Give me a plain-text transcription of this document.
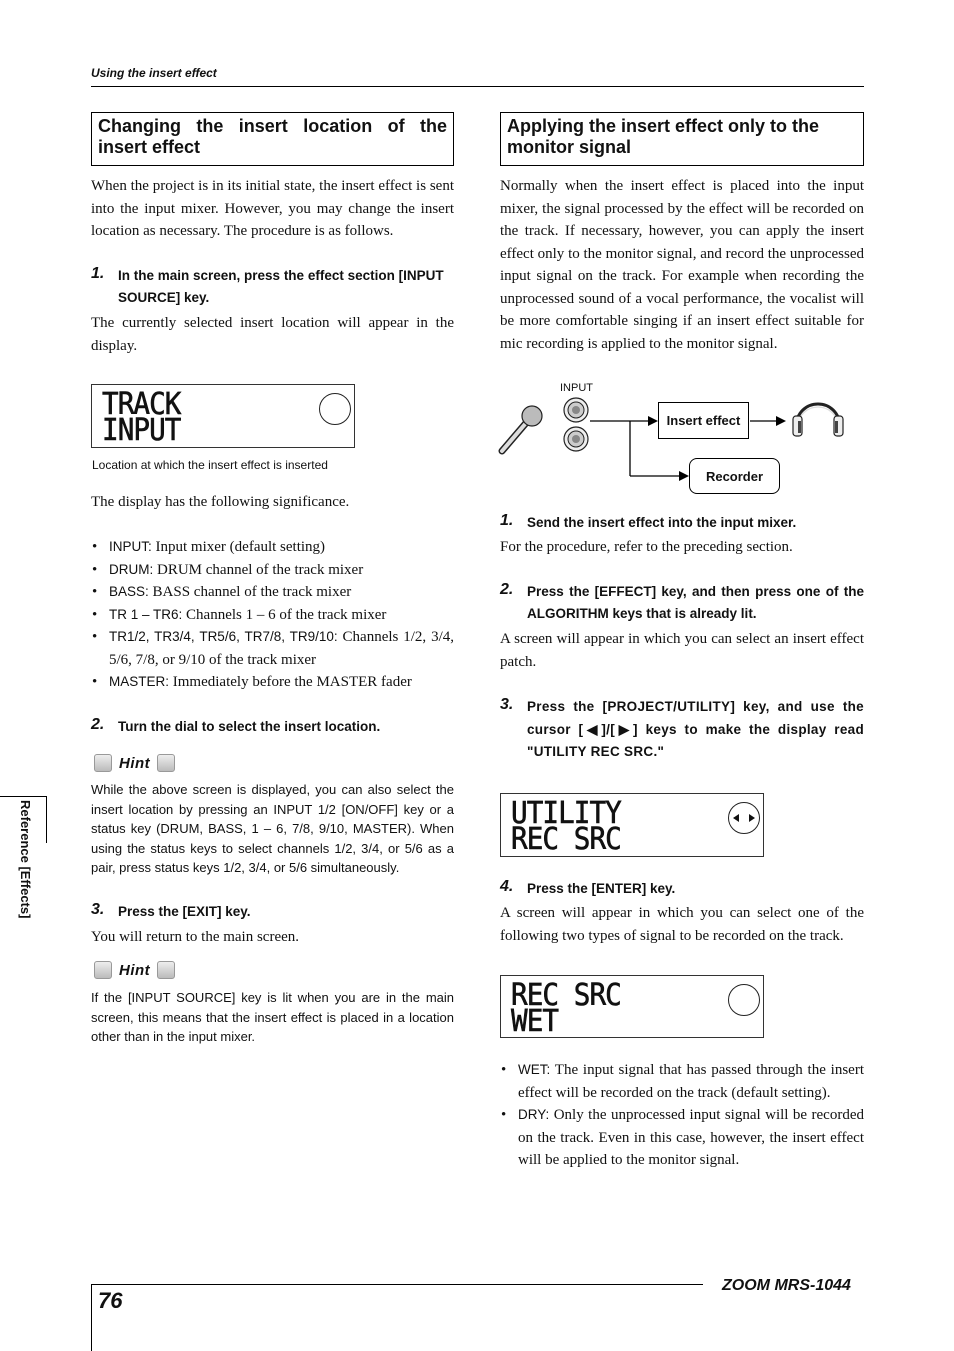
Using the insert effect
Changing the insert location of the insert effect
When the project is in its initial state, the insert effect is sent into the input mixer. However, you may change the insert location as necessary. The procedure is as follows.
1. In the main screen, press the effect section [INPUT SOURCE] key.
The currently selected insert location will appear in the display.
TRACK
INPUT
Location at which the insert effect is inserted
The display has the following significance.
• INPUT: Input mixer (default setting)
• DRUM: DRUM channel of the track mixer
• BASS: BASS channel of the track mixer
• TR 1 – TR6: Channels 1 – 6 of the track mixer
• TR1/2, TR3/4, TR5/6, TR7/8, TR9/10: Channels 1/2, 3/4, 5/6, 7/8, or 9/10 of the track mixer
• MASTER: Immediately before the MASTER fader
2. Turn the dial to select the insert location.
Hint
While the above screen is displayed, you can also select the insert location by pressing an INPUT 1/2 [ON/OFF] key or a status key (DRUM, BASS, 1 – 6, 7/8, 9/10, MASTER). When using the status keys to select channels 1/2, 3/4, or 5/6 as a pair, press status keys 1/2, 3/4, or 5/6 simultaneously.
3. Press the [EXIT] key.
You will return to the main screen.
Hint
If the [INPUT SOURCE] key is lit when you are in the main screen, this means that the insert effect is placed in a location other than in the input mixer.
Applying the insert effect only to the monitor signal
Normally when the insert effect is placed into the input mixer, the signal processed by the effect will be recorded on the track. If necessary, however, you can apply the insert effect only to the monitor signal, and record the unprocessed input signal on the track. For example when recording the unprocessed sound of a vocal performance, the vocalist will be more comfortable singing if an insert effect suitable for mic recording is applied to the monitor signal.
INPUT
Insert effect
Recorder
1. Send the insert effect into the input mixer.
For the procedure, refer to the preceding section.
2. Press the [EFFECT] key, and then press one of the ALGORITHM keys that is already lit.
A screen will appear in which you can select an insert effect patch.
3. Press the [PROJECT/UTILITY] key, and use the cursor [◀]/[▶] keys to make the display read "UTILITY REC SRC."
UTILITY
REC SRC
4. Press the [ENTER] key.
A screen will appear in which you can select one of the following two types of signal to be recorded on the track.
REC SRC
WET
• WET: The input signal that has passed through the insert effect will be recorded on the track (default setting).
• DRY: Only the unprocessed input signal will be recorded on the track. Even in this case, however, the insert effect will be applied to the monitor signal.
Reference [Effects]
76
ZOOM MRS-1044
